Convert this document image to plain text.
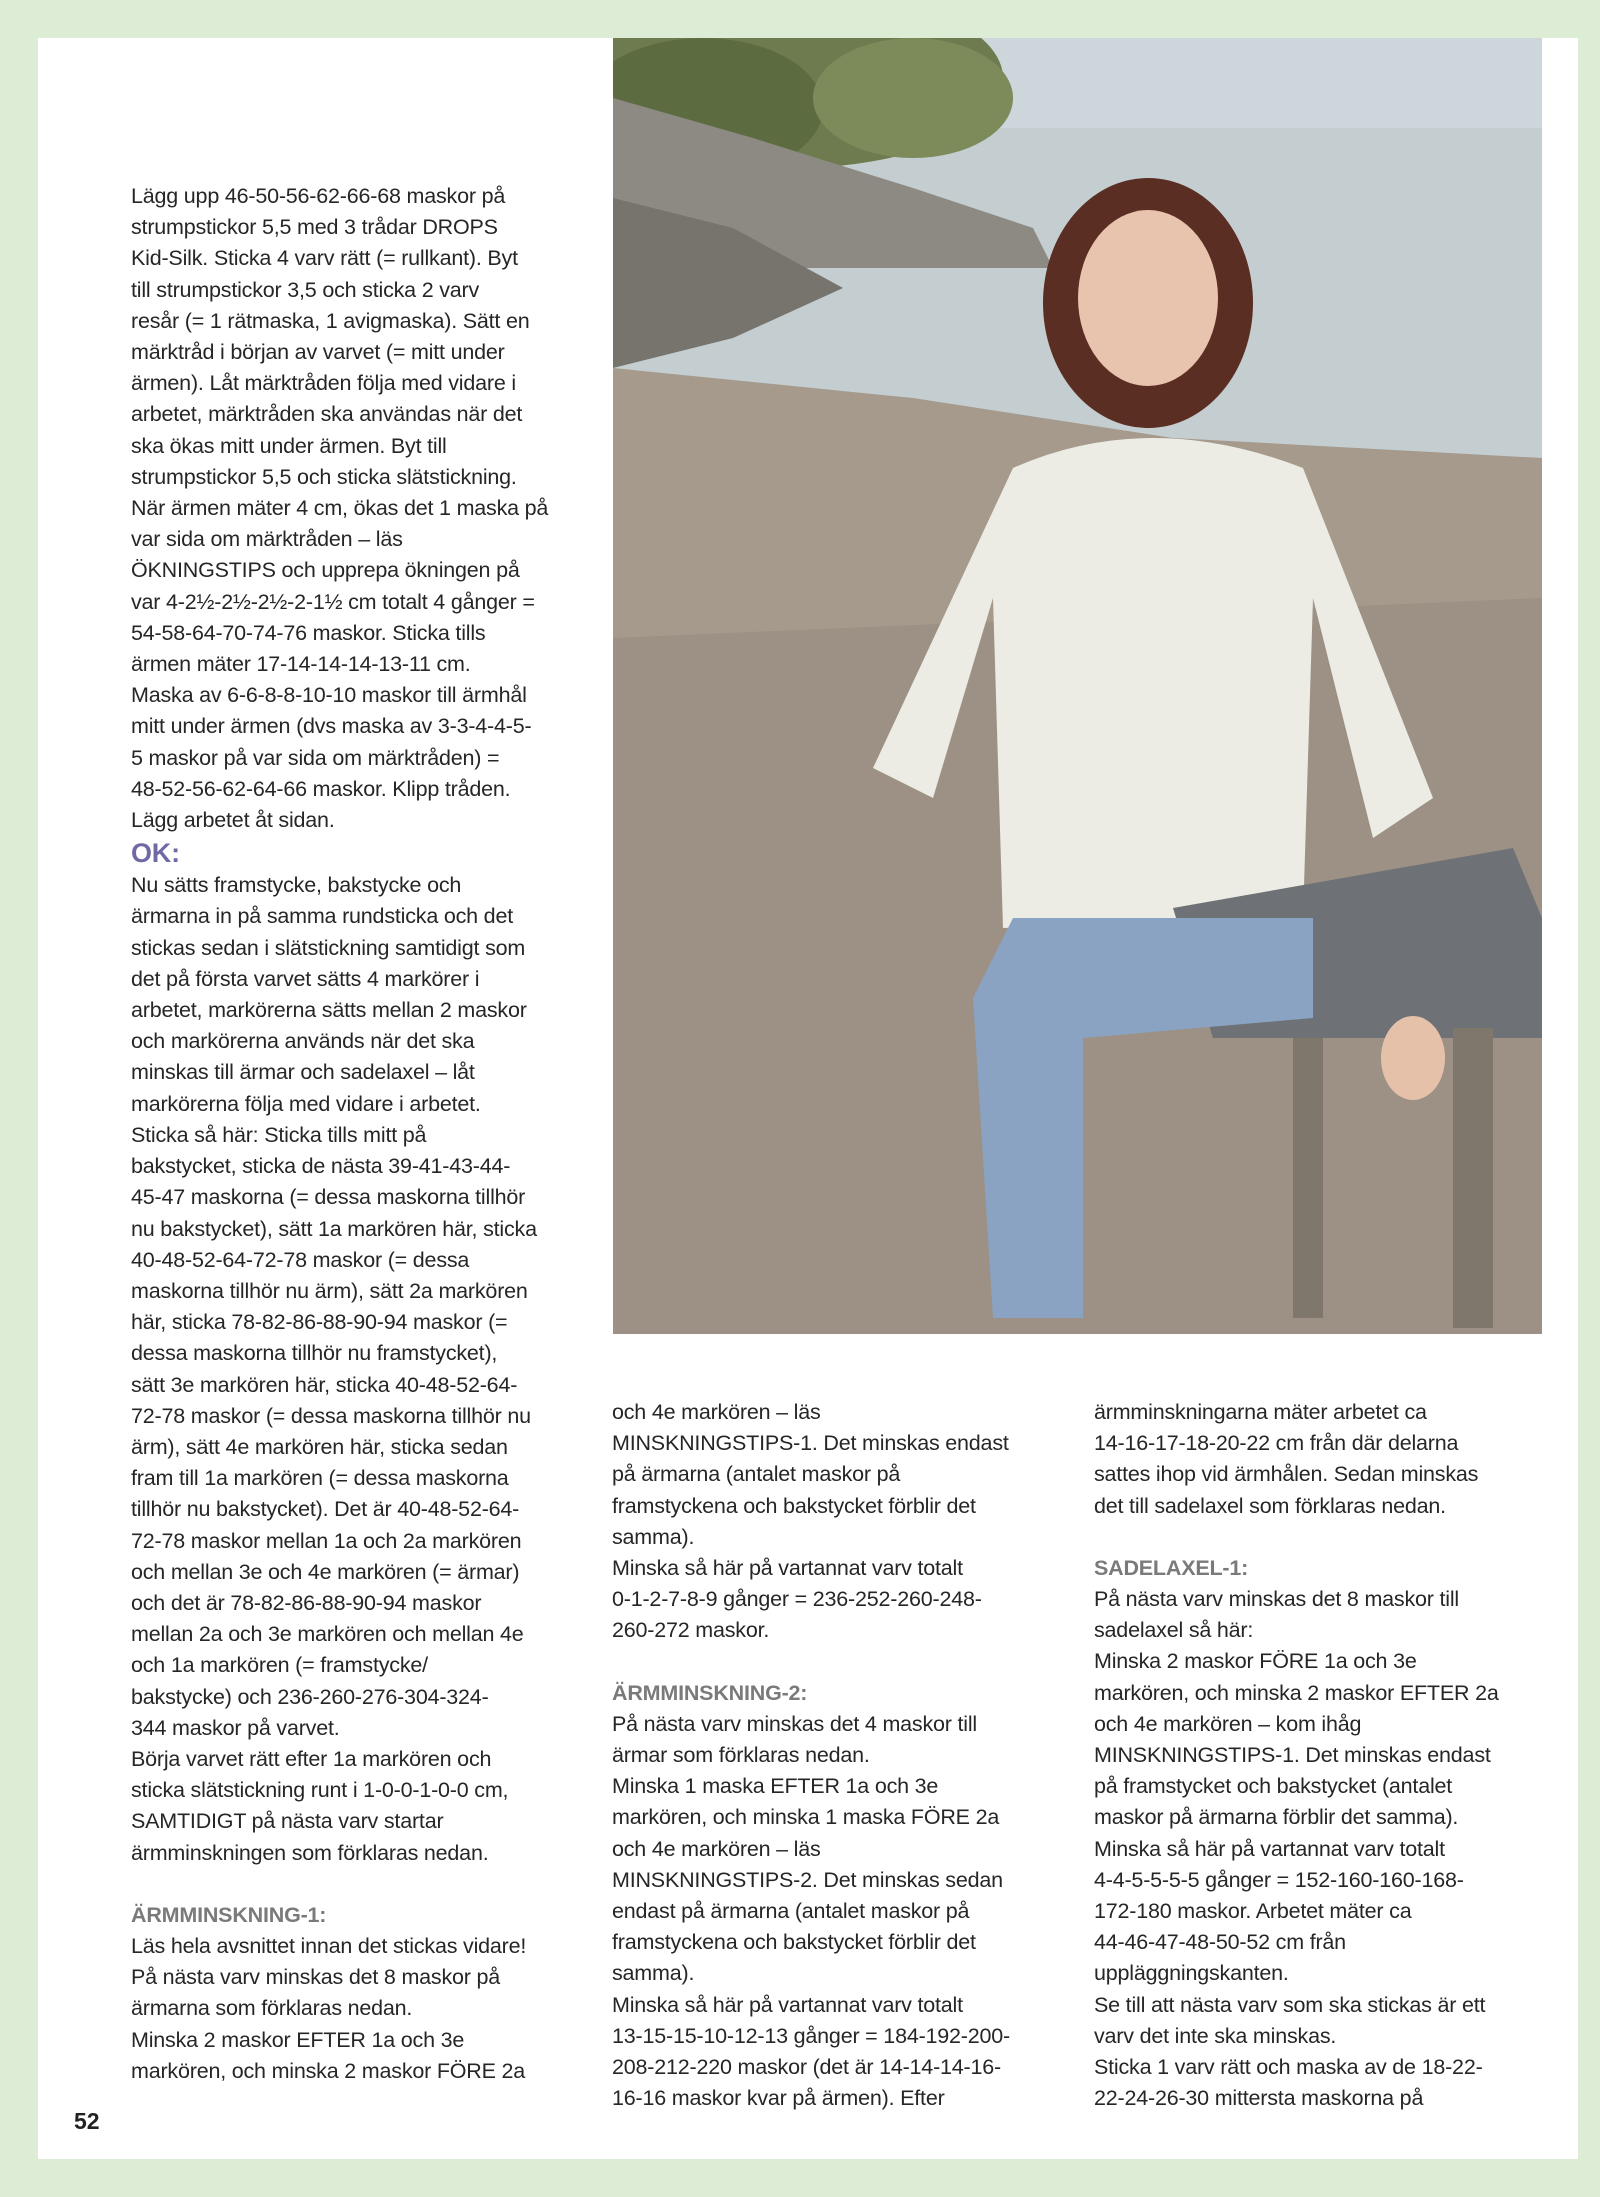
Lägg upp 46-50-56-62-66-68 maskor på
strumpstickor 5,5 med 3 trådar DROPS
Kid-Silk. Sticka 4 varv rätt (= rullkant). Byt
till strumpstickor 3,5 och sticka 2 varv
resår (= 1 rätmaska, 1 avigmaska). Sätt en
märktråd i början av varvet (= mitt under
ärmen). Låt märktråden följa med vidare i
arbetet, märktråden ska användas när det
ska ökas mitt under ärmen. Byt till
strumpstickor 5,5 och sticka slätstickning.
När ärmen mäter 4 cm, ökas det 1 maska på
var sida om märktråden – läs
ÖKNINGSTIPS och upprepa ökningen på
var 4-2½-2½-2½-2-1½ cm totalt 4 gånger =
54-58-64-70-74-76 maskor. Sticka tills
ärmen mäter 17-14-14-14-13-11 cm.
Maska av 6-6-8-8-10-10 maskor till ärmhål
mitt under ärmen (dvs maska av 3-3-4-4-5-
5 maskor på var sida om märktråden) =
48-52-56-62-64-66 maskor. Klipp tråden.
Lägg arbetet åt sidan.

OK:

Nu sätts framstycke, bakstycke och
ärmarna in på samma rundsticka och det
stickas sedan i slätstickning samtidigt som
det på första varvet sätts 4 markörer i
arbetet, markörerna sätts mellan 2 maskor
och markörerna används när det ska
minskas till ärmar och sadelaxel – låt
markörerna följa med vidare i arbetet.
Sticka så här: Sticka tills mitt på
bakstycket, sticka de nästa 39-41-43-44-
45-47 maskorna (= dessa maskorna tillhör
nu bakstycket), sätt 1a markören här, sticka
40-48-52-64-72-78 maskor (= dessa
maskorna tillhör nu ärm), sätt 2a markören
här, sticka 78-82-86-88-90-94 maskor (=
dessa maskorna tillhör nu framstycket),
sätt 3e markören här, sticka 40-48-52-64-
72-78 maskor (= dessa maskorna tillhör nu
ärm), sätt 4e markören här, sticka sedan
fram till 1a markören (= dessa maskorna
tillhör nu bakstycket). Det är 40-48-52-64-
72-78 maskor mellan 1a och 2a markören
och mellan 3e och 4e markören (= ärmar)
och det är 78-82-86-88-90-94 maskor
mellan 2a och 3e markören och mellan 4e
och 1a markören (= framstycke/
bakstycke) och 236-260-276-304-324-
344 maskor på varvet.
Börja varvet rätt efter 1a markören och
sticka slätstickning runt i 1-0-0-1-0-0 cm,
SAMTIDIGT på nästa varv startar
ärmminskningen som förklaras nedan.

ÄRMMINSKNING-1:

Läs hela avsnittet innan det stickas vidare!
På nästa varv minskas det 8 maskor på
ärmarna som förklaras nedan.
Minska 2 maskor EFTER 1a och 3e
markören, och minska 2 maskor FÖRE 2a

och 4e markören – läs
MINSKNINGSTIPS-1. Det minskas endast
på ärmarna (antalet maskor på
framstyckena och bakstycket förblir det
samma).
Minska så här på vartannat varv totalt
0-1-2-7-8-9 gånger = 236-252-260-248-
260-272 maskor.

ÄRMMINSKNING-2:

På nästa varv minskas det 4 maskor till
ärmar som förklaras nedan.
Minska 1 maska EFTER 1a och 3e
markören, och minska 1 maska FÖRE 2a
och 4e markören – läs
MINSKNINGSTIPS-2. Det minskas sedan
endast på ärmarna (antalet maskor på
framstyckena och bakstycket förblir det
samma).
Minska så här på vartannat varv totalt
13-15-15-10-12-13 gånger = 184-192-200-
208-212-220 maskor (det är 14-14-14-16-
16-16 maskor kvar på ärmen). Efter

ärmminskningarna mäter arbetet ca
14-16-17-18-20-22 cm från där delarna
sattes ihop vid ärmhålen. Sedan minskas
det till sadelaxel som förklaras nedan.

SADELAXEL-1:

På nästa varv minskas det 8 maskor till
sadelaxel så här:
Minska 2 maskor FÖRE 1a och 3e
markören, och minska 2 maskor EFTER 2a
och 4e markören – kom ihåg
MINSKNINGSTIPS-1. Det minskas endast
på framstycket och bakstycket (antalet
maskor på ärmarna förblir det samma).
Minska så här på vartannat varv totalt
4-4-5-5-5-5 gånger = 152-160-160-168-
172-180 maskor. Arbetet mäter ca
44-46-47-48-50-52 cm från
uppläggningskanten.
Se till att nästa varv som ska stickas är ett
varv det inte ska minskas.
Sticka 1 varv rätt och maska av de 18-22-
22-24-26-30 mittersta maskorna på

52
